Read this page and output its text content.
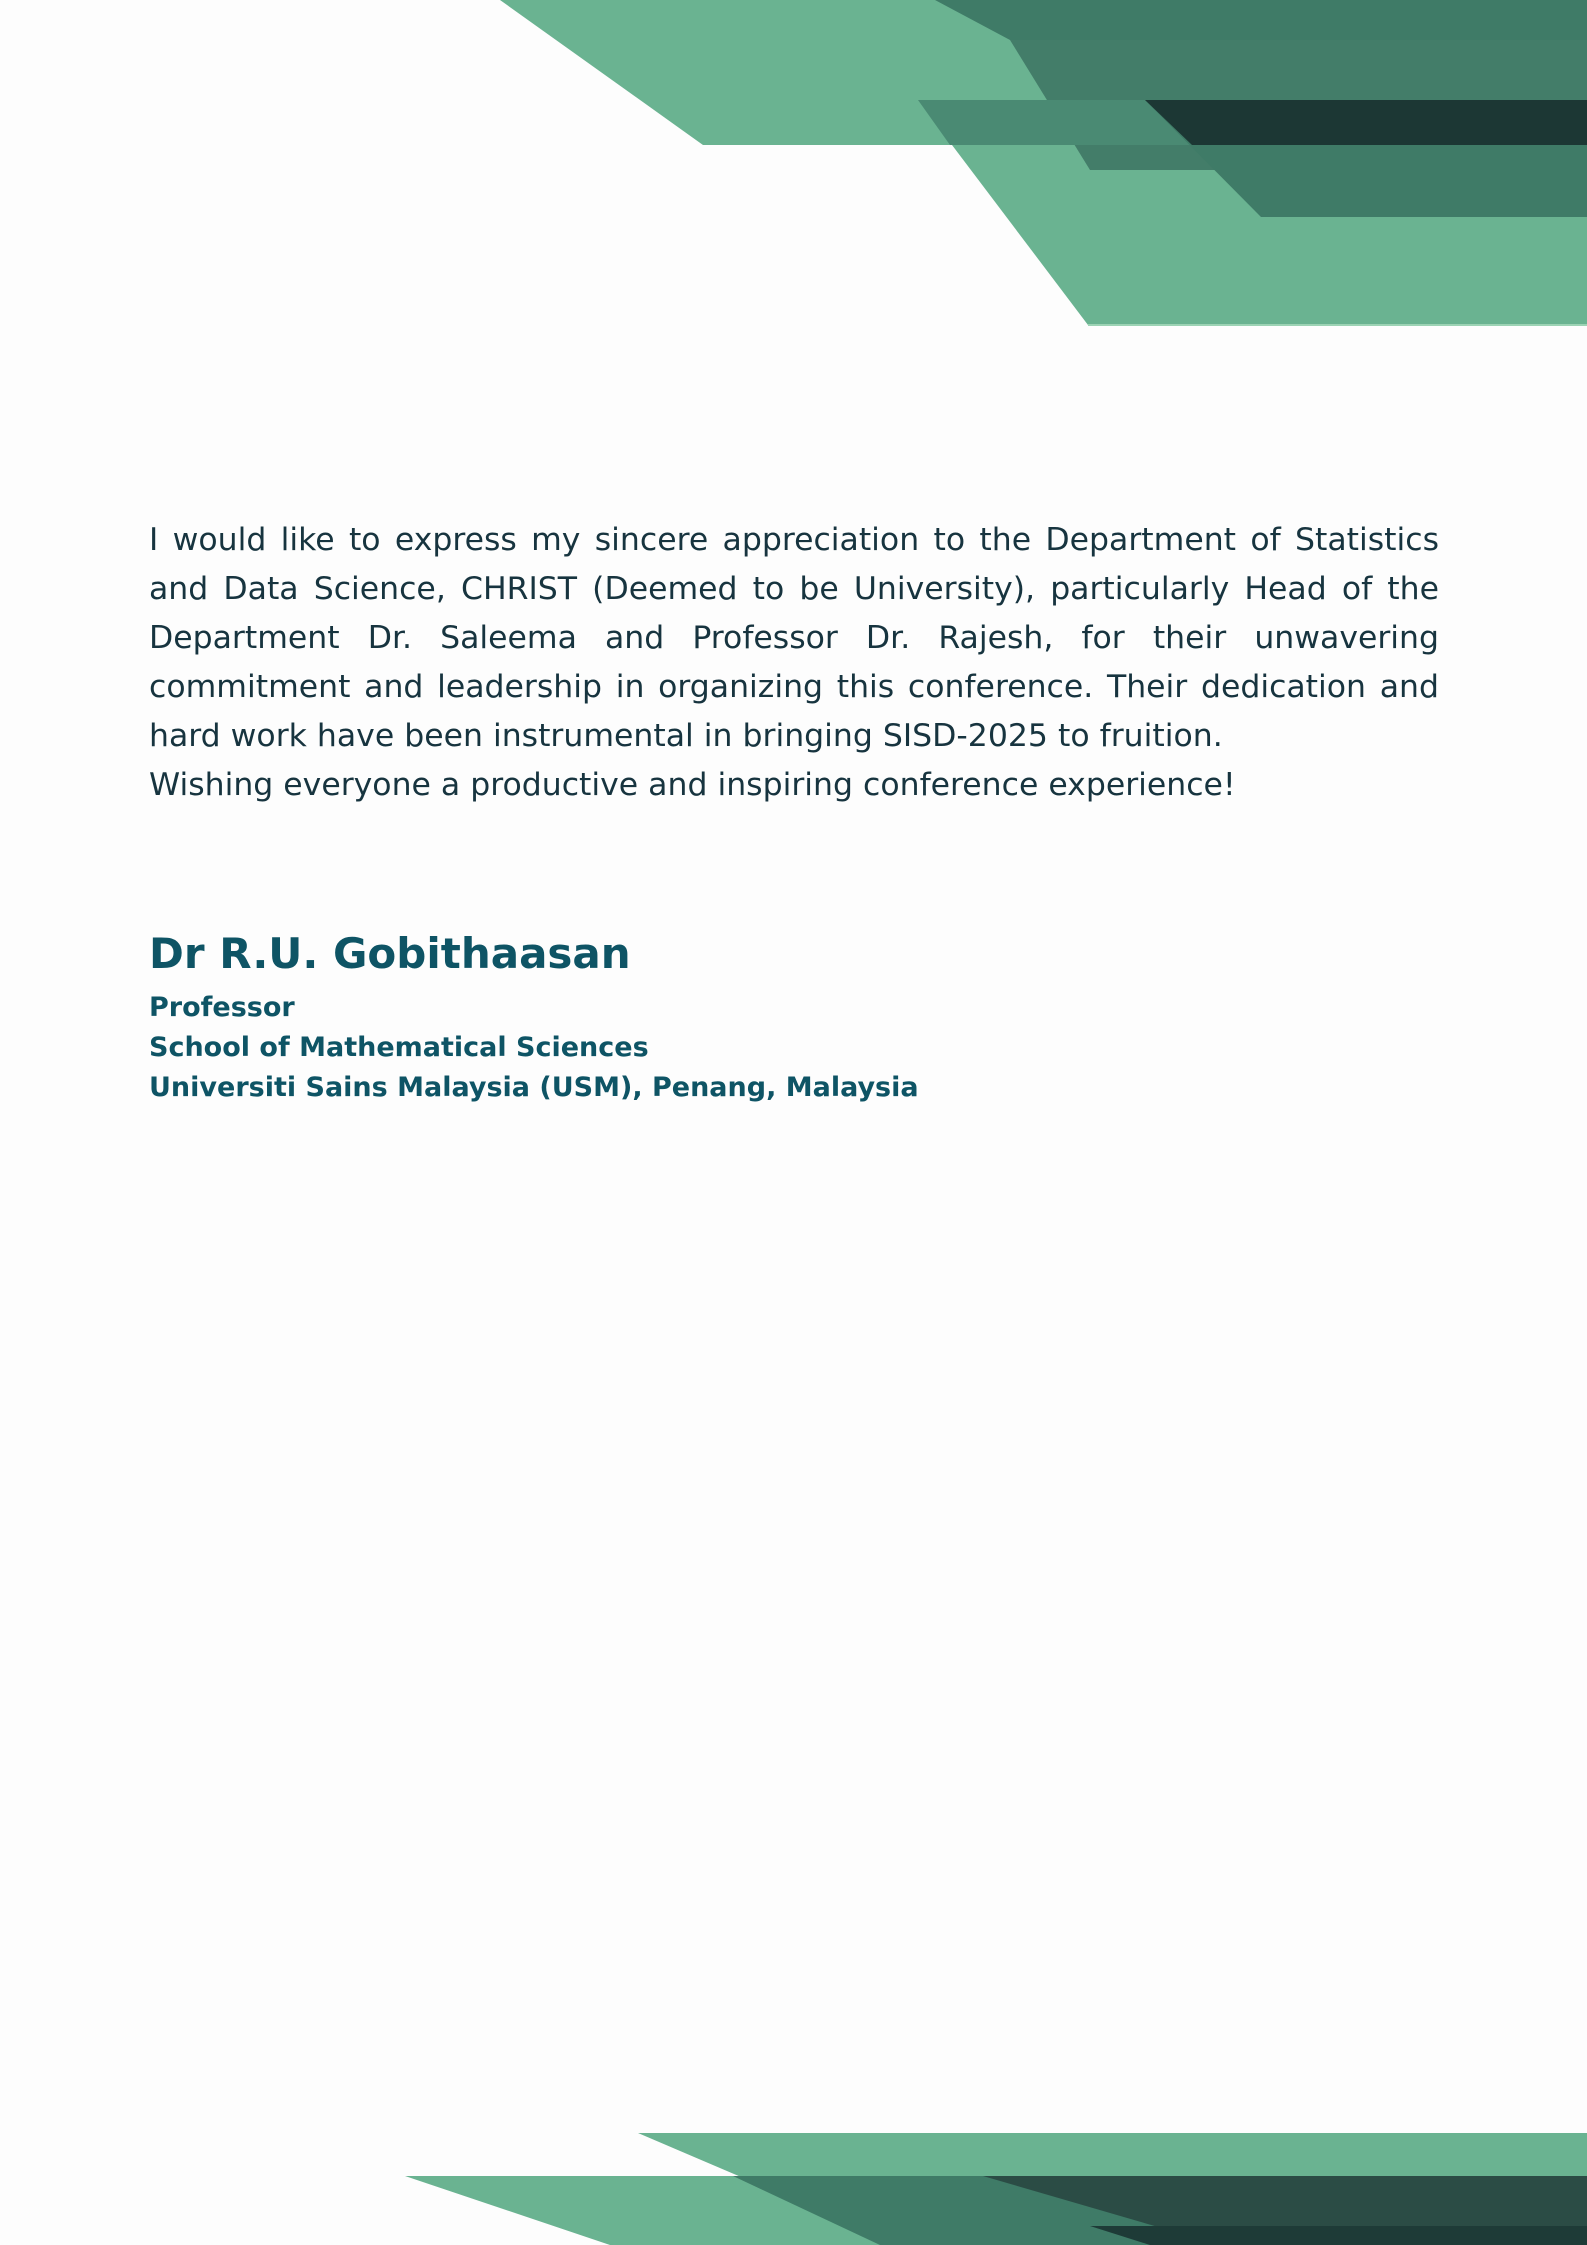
I would like to express my sincere appreciation to the Department of Statistics and Data Science, CHRIST (Deemed to be University), particularly Head of the Department Dr. Saleema and Professor Dr. Rajesh, for their unwavering commitment and leadership in organizing this conference. Their dedication and hard work have been instrumental in bringing SISD-2025 to fruition.

Wishing everyone a productive and inspiring conference experience!

Dr R.U. Gobithaasan
Professor
School of Mathematical Sciences
Universiti Sains Malaysia (USM), Penang, Malaysia
